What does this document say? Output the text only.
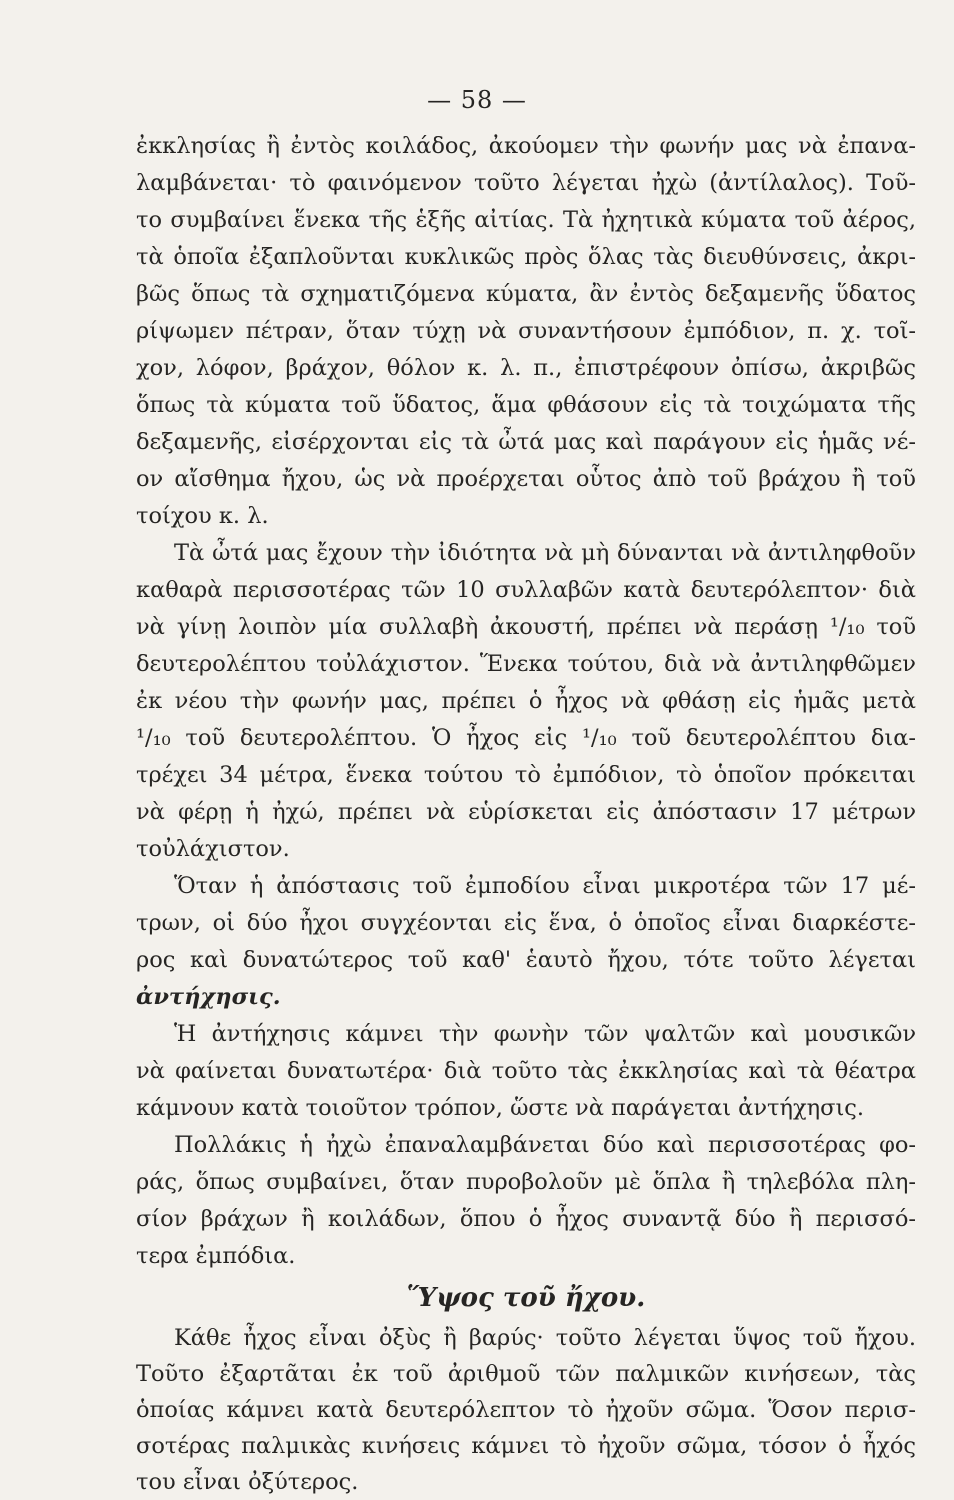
— 58 —
ἐκκλησίας ἢ ἐντὸς κοιλάδος, ἀκούομεν τὴν φωνήν μας νὰ ἐπανα-
λαμβάνεται· τὸ φαινόμενον τοῦτο λέγεται ἠχὼ (ἀντίλαλος). Τοῦ-
το συμβαίνει ἕνεκα τῆς ἑξῆς αἰτίας. Τὰ ἠχητικὰ κύματα τοῦ ἀέρος,
τὰ ὁποῖα ἐξαπλοῦνται κυκλικῶς πρὸς ὅλας τὰς διευθύνσεις, ἀκρι-
βῶς ὅπως τὰ σχηματιζόμενα κύματα, ἂν ἐντὸς δεξαμενῆς ὕδατος
ρίψωμεν πέτραν, ὅταν τύχῃ νὰ συναντήσουν ἐμπόδιον, π. χ. τοῖ-
χον, λόφον, βράχον, θόλον κ. λ. π., ἐπιστρέφουν ὀπίσω, ἀκριβῶς
ὅπως τὰ κύματα τοῦ ὕδατος, ἅμα φθάσουν εἰς τὰ τοιχώματα τῆς
δεξαμενῆς, εἰσέρχονται εἰς τὰ ὦτά μας καὶ παράγουν εἰς ἡμᾶς νέ-
ον αἴσθημα ἤχου, ὡς νὰ προέρχεται οὗτος ἀπὸ τοῦ βράχου ἢ τοῦ
τοίχου κ. λ.
Τὰ ὦτά μας ἔχουν τὴν ἰδιότητα νὰ μὴ δύνανται νὰ ἀντιληφθοῦν
καθαρὰ περισσοτέρας τῶν 10 συλλαβῶν κατὰ δευτερόλεπτον· διὰ
νὰ γίνῃ λοιπὸν μία συλλαβὴ ἀκουστή, πρέπει νὰ περάσῃ ¹/₁₀ τοῦ
δευτερολέπτου τοὐλάχιστον. Ἕνεκα τούτου, διὰ νὰ ἀντιληφθῶμεν
ἐκ νέου τὴν φωνήν μας, πρέπει ὁ ἦχος νὰ φθάσῃ εἰς ἡμᾶς μετὰ
¹/₁₀ τοῦ δευτερολέπτου. Ὁ ἦχος εἰς ¹/₁₀ τοῦ δευτερολέπτου δια-
τρέχει 34 μέτρα, ἕνεκα τούτου τὸ ἐμπόδιον, τὸ ὁποῖον πρόκειται
νὰ φέρῃ ἡ ἠχώ, πρέπει νὰ εὑρίσκεται εἰς ἀπόστασιν 17 μέτρων
τοὐλάχιστον.
Ὅταν ἡ ἀπόστασις τοῦ ἐμποδίου εἶναι μικροτέρα τῶν 17 μέ-
τρων, οἱ δύο ἦχοι συγχέονται εἰς ἕνα, ὁ ὁποῖος εἶναι διαρκέστε-
ρος καὶ δυνατώτερος τοῦ καθ' ἑαυτὸ ἤχου, τότε τοῦτο λέγεται
ἀντήχησις.
Ἡ ἀντήχησις κάμνει τὴν φωνὴν τῶν ψαλτῶν καὶ μουσικῶν
νὰ φαίνεται δυνατωτέρα· διὰ τοῦτο τὰς ἐκκλησίας καὶ τὰ θέατρα
κάμνουν κατὰ τοιοῦτον τρόπον, ὥστε νὰ παράγεται ἀντήχησις.
Πολλάκις ἡ ἠχὼ ἐπαναλαμβάνεται δύο καὶ περισσοτέρας φο-
ράς, ὅπως συμβαίνει, ὅταν πυροβολοῦν μὲ ὅπλα ἢ τηλεβόλα πλη-
σίον βράχων ἢ κοιλάδων, ὅπου ὁ ἦχος συναντᾷ δύο ἢ περισσό-
τερα ἐμπόδια.
Ὕψος τοῦ ἤχου.
Κάθε ἦχος εἶναι ὀξὺς ἢ βαρύς· τοῦτο λέγεται ὕψος τοῦ ἤχου.
Τοῦτο ἐξαρτᾶται ἐκ τοῦ ἀριθμοῦ τῶν παλμικῶν κινήσεων, τὰς
ὁποίας κάμνει κατὰ δευτερόλεπτον τὸ ἠχοῦν σῶμα. Ὅσον περισ-
σοτέρας παλμικὰς κινήσεις κάμνει τὸ ἠχοῦν σῶμα, τόσον ὁ ἦχός
του εἶναι ὀξύτερος.
